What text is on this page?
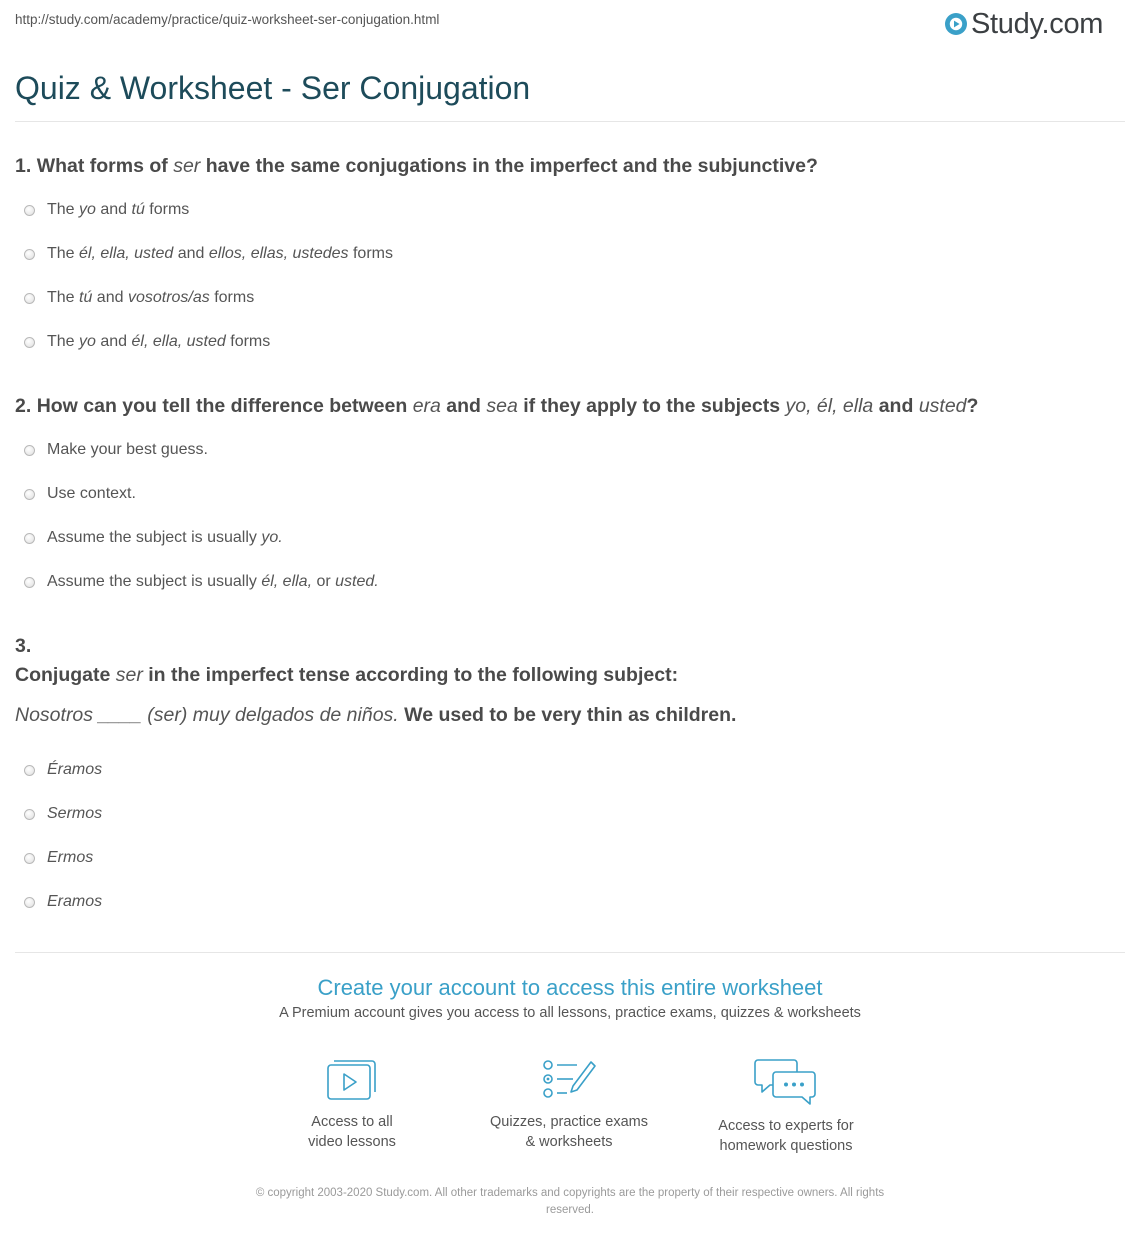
http://study.com/academy/practice/quiz-worksheet-ser-conjugation.html	Study.com
Quiz & Worksheet - Ser Conjugation
1. What forms of ser have the same conjugations in the imperfect and the subjunctive?
The yo and tú forms
The él, ella, usted and ellos, ellas, ustedes forms
The tú and vosotros/as forms
The yo and él, ella, usted forms
2. How can you tell the difference between era and sea if they apply to the subjects yo, él, ella and usted?
Make your best guess.
Use context.
Assume the subject is usually yo.
Assume the subject is usually él, ella, or usted.
3.
Conjugate ser in the imperfect tense according to the following subject:
Nosotros ____ (ser) muy delgados de niños. We used to be very thin as children.
Éramos
Sermos
Ermos
Eramos
Create your account to access this entire worksheet
A Premium account gives you access to all lessons, practice exams, quizzes & worksheets
Access to all
video lessons
Quizzes, practice exams
& worksheets
Access to experts for
homework questions
© copyright 2003-2020 Study.com. All other trademarks and copyrights are the property of their respective owners. All rights
reserved.
